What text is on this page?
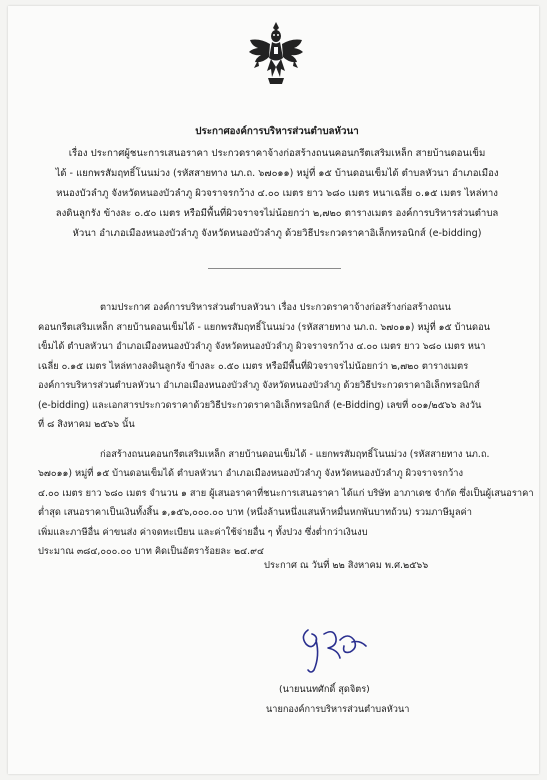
ประกาศองค์การบริหารส่วนตำบลหัวนา
เรื่อง ประกาศผู้ชนะการเสนอราคา ประกวดราคาจ้างก่อสร้างถนนคอนกรีตเสริมเหล็ก สายบ้านดอนเข็ม
ได้ - แยกพรสัมฤทธิ์โนนม่วง (รหัสสายทาง นภ.ถ. ๖๗๐๑๑) หมู่ที่ ๑๕ บ้านดอนเข็มได้ ตำบลหัวนา อำเภอเมือง
หนองบัวลำภู จังหวัดหนองบัวลำภู ผิวจราจรกว้าง ๔.๐๐ เมตร ยาว ๖๘๐ เมตร หนาเฉลี่ย ๐.๑๕ เมตร ไหล่ทาง
ลงดินลูกรัง ข้างละ ๐.๕๐ เมตร หรือมีพื้นที่ผิวจราจรไม่น้อยกว่า ๒,๗๒๐ ตารางเมตร องค์การบริหารส่วนตำบล
หัวนา อำเภอเมืองหนองบัวลำภู จังหวัดหนองบัวลำภู ด้วยวิธีประกวดราคาอิเล็กทรอนิกส์ (e-bidding)
ตามประกาศ องค์การบริหารส่วนตำบลหัวนา เรื่อง ประกวดราคาจ้างก่อสร้างก่อสร้างถนน
คอนกรีตเสริมเหล็ก สายบ้านดอนเข็มได้ - แยกพรสัมฤทธิ์โนนม่วง (รหัสสายทาง นภ.ถ. ๖๗๐๑๑) หมู่ที่ ๑๕ บ้านดอน
เข็มได้ ตำบลหัวนา อำเภอเมืองหนองบัวลำภู จังหวัดหนองบัวลำภู ผิวจราจรกว้าง ๔.๐๐ เมตร ยาว ๖๘๐ เมตร หนา
เฉลี่ย ๐.๑๕ เมตร ไหล่ทางลงดินลูกรัง ข้างละ ๐.๕๐ เมตร หรือมีพื้นที่ผิวจราจรไม่น้อยกว่า ๒,๗๒๐ ตารางเมตร
องค์การบริหารส่วนตำบลหัวนา อำเภอเมืองหนองบัวลำภู จังหวัดหนองบัวลำภู ด้วยวิธีประกวดราคาอิเล็กทรอนิกส์
(e-bidding) และเอกสารประกวดราคาด้วยวิธีประกวดราคาอิเล็กทรอนิกส์ (e-Bidding) เลขที่ ๐๐๑/๒๕๖๖ ลงวัน
ที่ ๘ สิงหาคม ๒๕๖๖ นั้น
ก่อสร้างถนนคอนกรีตเสริมเหล็ก สายบ้านดอนเข็มได้ - แยกพรสัมฤทธิ์โนนม่วง (รหัสสายทาง นภ.ถ.
๖๗๐๑๑) หมู่ที่ ๑๕ บ้านดอนเข็มได้ ตำบลหัวนา อำเภอเมืองหนองบัวลำภู จังหวัดหนองบัวลำภู ผิวจราจรกว้าง
๔.๐๐ เมตร ยาว ๖๘๐ เมตร จำนวน ๑ สาย ผู้เสนอราคาที่ชนะการเสนอราคา ได้แก่ บริษัท อาภาเดช จำกัด ซึ่งเป็นผู้เสนอราคา
ต่ำสุด เสนอราคาเป็นเงินทั้งสิ้น ๑,๑๕๖,๐๐๐.๐๐ บาท (หนึ่งล้านหนึ่งแสนห้าหมื่นหกพันบาทถ้วน) รวมภาษีมูลค่า
เพิ่มและภาษีอื่น ค่าขนส่ง ค่าจดทะเบียน และค่าใช้จ่ายอื่น ๆ ทั้งปวง ซึ่งต่ำกว่าเงินงบ
ประมาณ ๓๘๔,๐๐๐.๐๐ บาท คิดเป็นอัตราร้อยละ ๒๔.๙๔
ประกาศ ณ วันที่ ๒๒ สิงหาคม พ.ศ.๒๕๖๖
(นายนนทศักดิ์ สุดจิตร)
นายกองค์การบริหารส่วนตำบลหัวนา
